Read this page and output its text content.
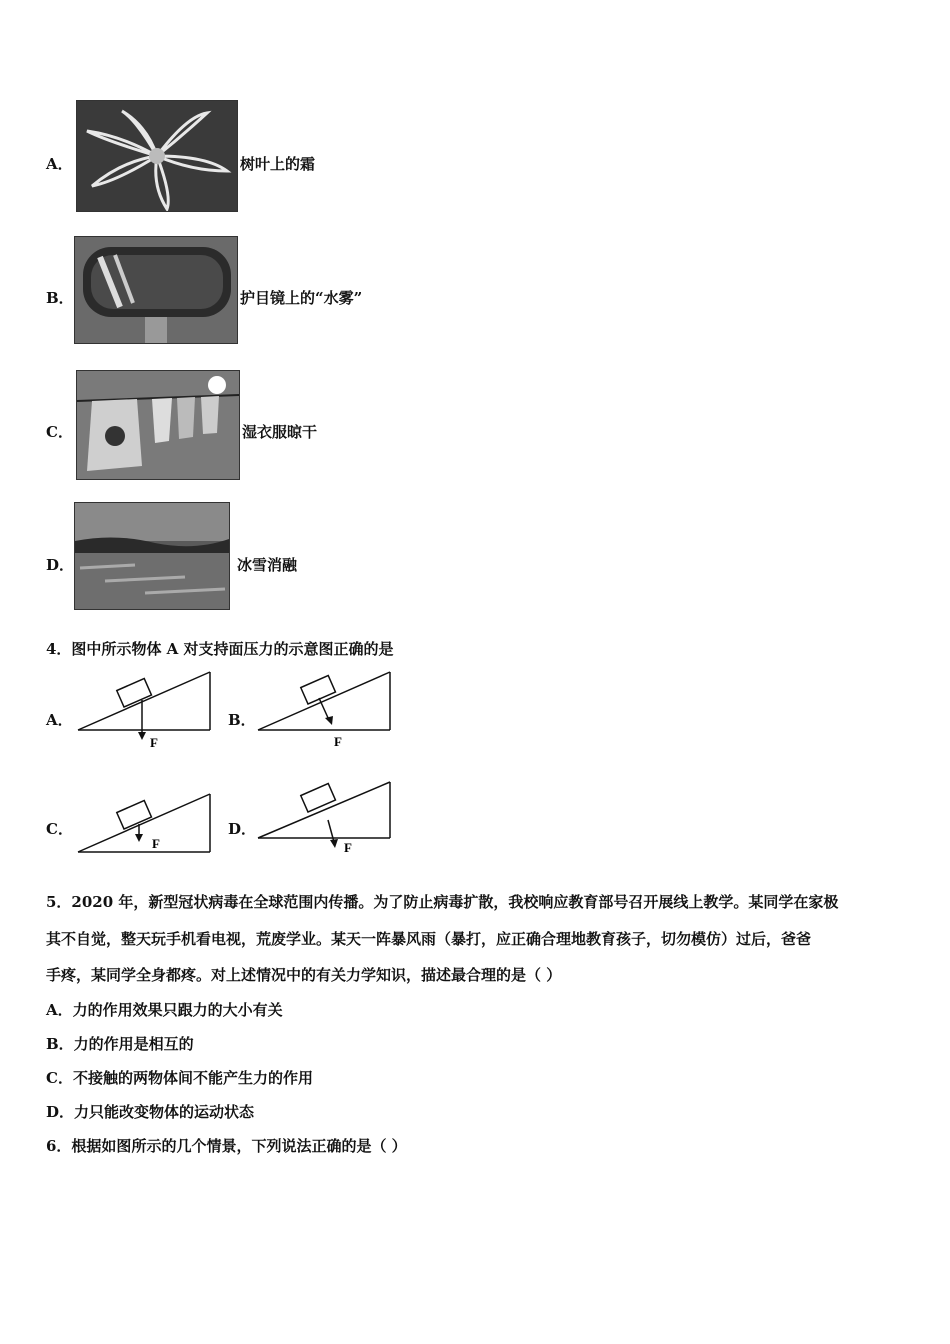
A．	树叶上的霜
B．	护目镜上的“水雾”
C．	湿衣服晾干
D．	冰雪消融
4．图中所示物体 A 对支持面压力的示意图正确的是
A．
F
B．
F
C．
F
D．
F
5．2020 年，新型冠状病毒在全球范围内传播。为了防止病毒扩散，我校响应教育部号召开展线上教学。某同学在家极
其不自觉，整天玩手机看电视，荒废学业。某天一阵暴风雨（暴打，应正确合理地教育孩子，切勿模仿）过后，爸爸
手疼，某同学全身都疼。对上述情况中的有关力学知识，描述最合理的是（ ）
A．力的作用效果只跟力的大小有关
B．力的作用是相互的
C．不接触的两物体间不能产生力的作用
D．力只能改变物体的运动状态
6．根据如图所示的几个情景，下列说法正确的是（ ）
